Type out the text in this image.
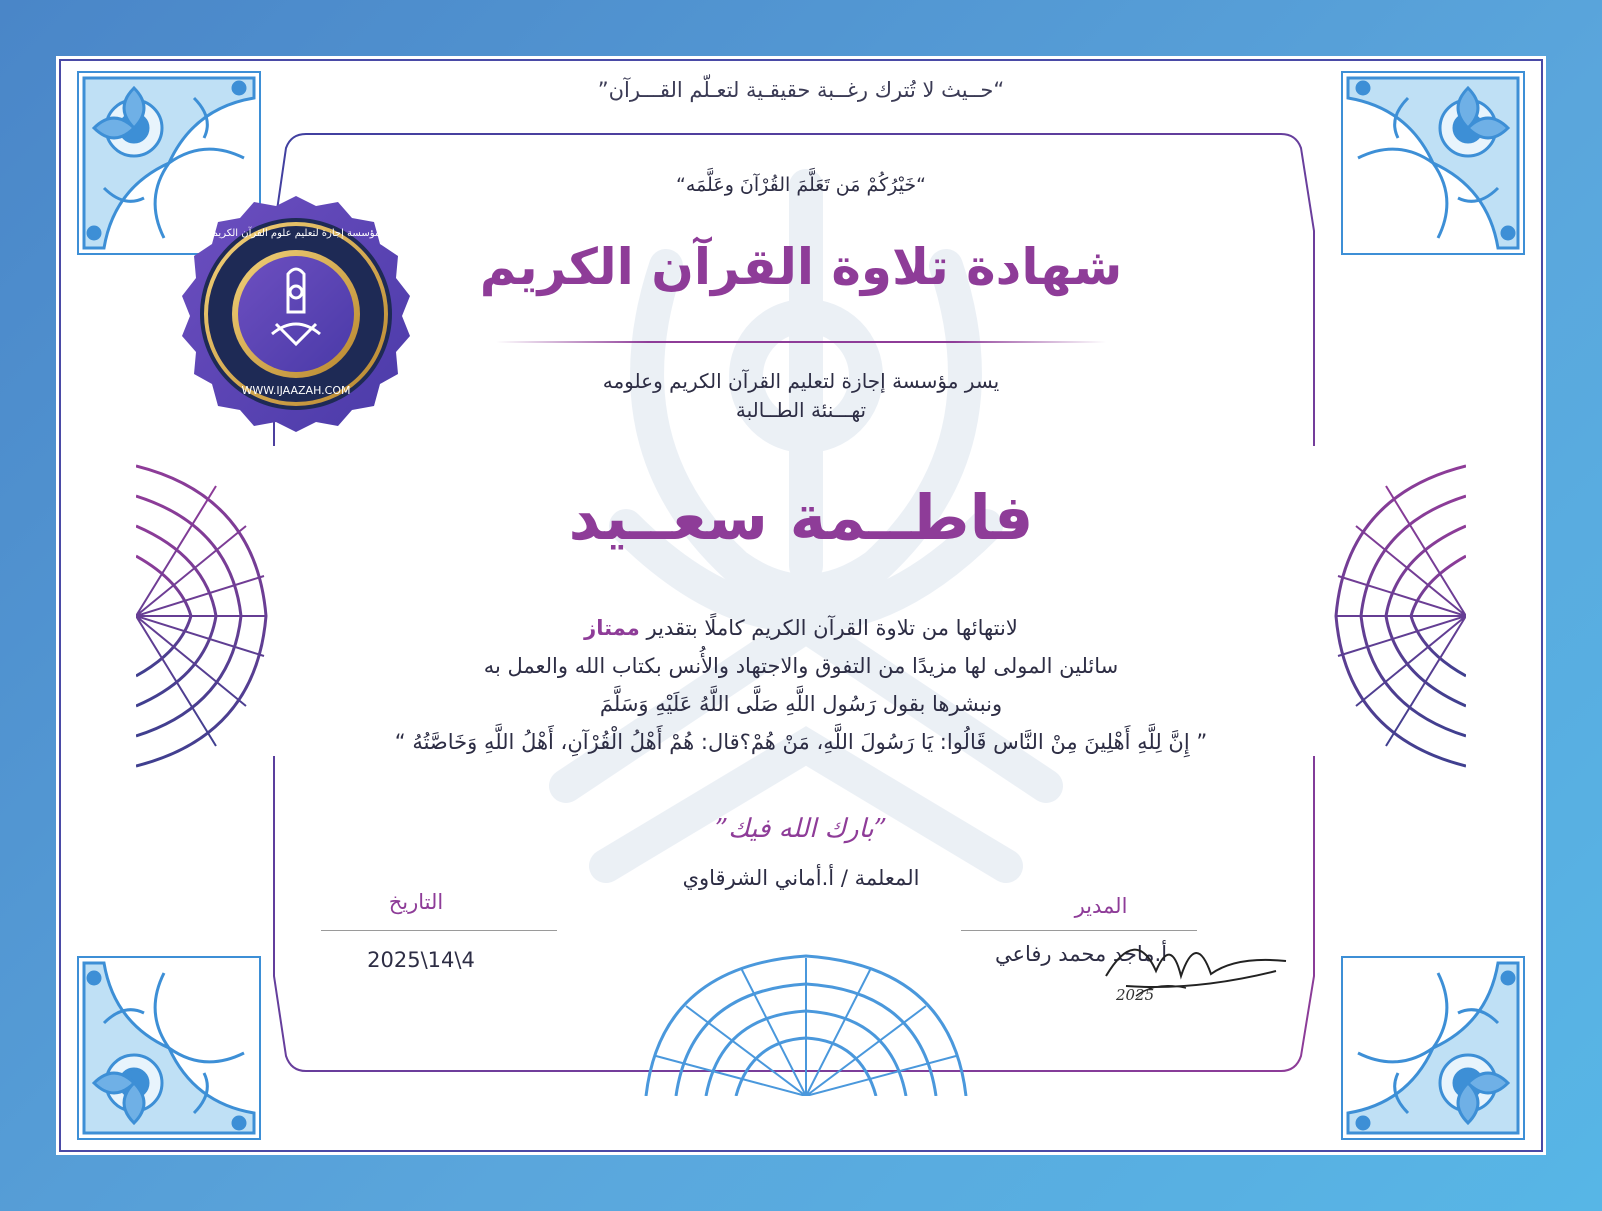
WWW.IJAAZAH.COM
مؤسسة إجازة لتعليم علوم القرآن الكريم
“حــيث لا تُترك رغــبة حقيقـية لتعـلّم القـــرآن”
“خَيْرُكُمْ مَن تَعَلَّمَ القُرْآنَ وعَلَّمَه“
شهادة تلاوة القرآن الكريم
يسر مؤسسة إجازة لتعليم القرآن الكريم وعلومه
تهـــنئة الطــالبة
فاطــمة سعــيد
لانتهائها من تلاوة القرآن الكريم كاملًا بتقدير ممتاز
سائلين المولى لها مزيدًا من التفوق والاجتهاد والأُنس بكتاب الله والعمل به
ونبشرها بقول رَسُول اللَّهِ صَلَّى اللَّهُ عَلَيْهِ وَسَلَّمَ
” إِنَّ لِلَّهِ أَهْلِينَ مِنْ النَّاس قَالُوا: يَا رَسُولَ اللَّهِ، مَنْ هُمْ؟قال: هُمْ أَهْلُ الْقُرْآنِ، أَهْلُ اللَّهِ وَخَاصَّتُهُ “
”بارك الله فيك”
المعلمة / أ.أماني الشرقاوي
التاريخ
2025\14\4
المدير
أ.ماجد محمد رفاعي
2025
